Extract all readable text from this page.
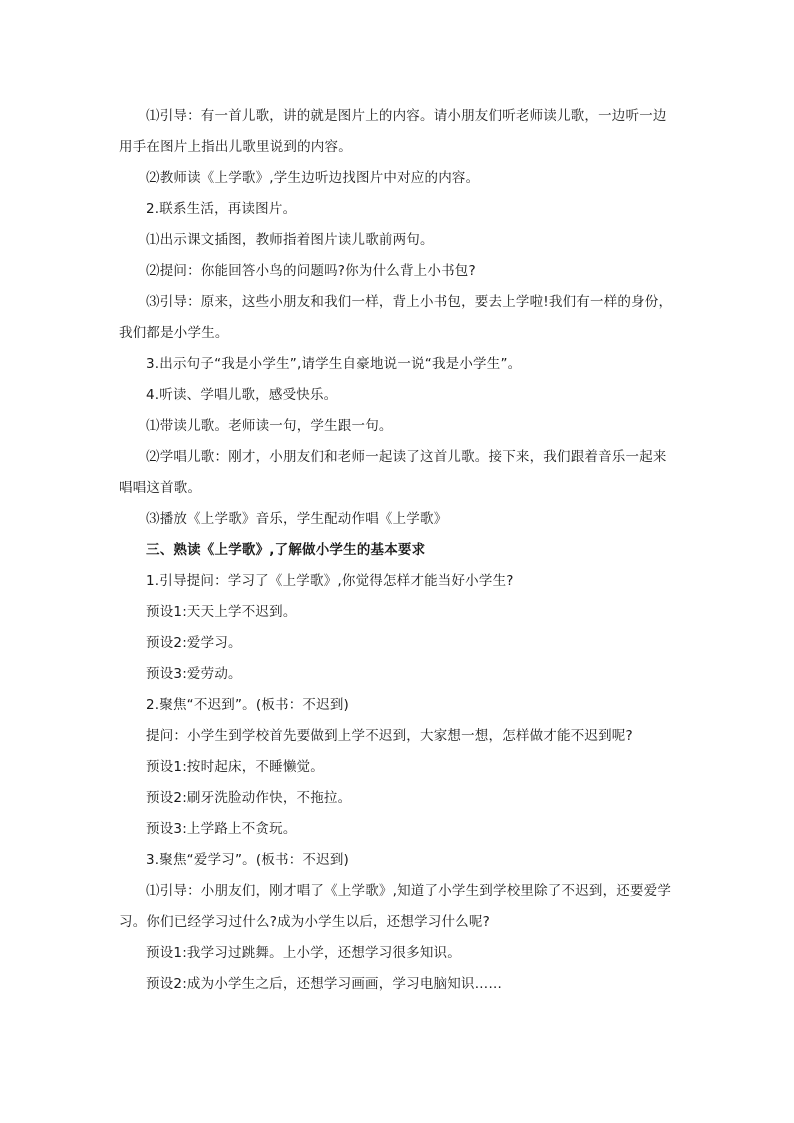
⑴引导：有一首儿歌，讲的就是图片上的内容。请小朋友们听老师读儿歌，一边听一边用手在图片上指出儿歌里说到的内容。

⑵教师读《上学歌》,学生边听边找图片中对应的内容。

2.联系生活，再读图片。

⑴出示课文插图，教师指着图片读儿歌前两句。

⑵提问：你能回答小鸟的问题吗?你为什么背上小书包?

⑶引导：原来，这些小朋友和我们一样，背上小书包，要去上学啦!我们有一样的身份，我们都是小学生。

3.出示句子“我是小学生”,请学生自豪地说一说“我是小学生”。

4.听读、学唱儿歌，感受快乐。

⑴带读儿歌。老师读一句，学生跟一句。

⑵学唱儿歌：刚才，小朋友们和老师一起读了这首儿歌。接下来，我们跟着音乐一起来唱唱这首歌。

⑶播放《上学歌》音乐，学生配动作唱《上学歌》

三、熟读《上学歌》,了解做小学生的基本要求

1.引导提问：学习了《上学歌》,你觉得怎样才能当好小学生?

预设1:天天上学不迟到。

预设2:爱学习。

预设3:爱劳动。

2.聚焦“不迟到”。(板书：不迟到)

提问：小学生到学校首先要做到上学不迟到，大家想一想，怎样做才能不迟到呢?

预设1:按时起床，不睡懒觉。

预设2:刷牙洗脸动作快，不拖拉。

预设3:上学路上不贪玩。

3.聚焦“爱学习”。(板书：不迟到)

⑴引导：小朋友们，刚才唱了《上学歌》,知道了小学生到学校里除了不迟到，还要爱学习。你们已经学习过什么?成为小学生以后，还想学习什么呢?

预设1:我学习过跳舞。上小学，还想学习很多知识。

预设2:成为小学生之后，还想学习画画，学习电脑知识……
